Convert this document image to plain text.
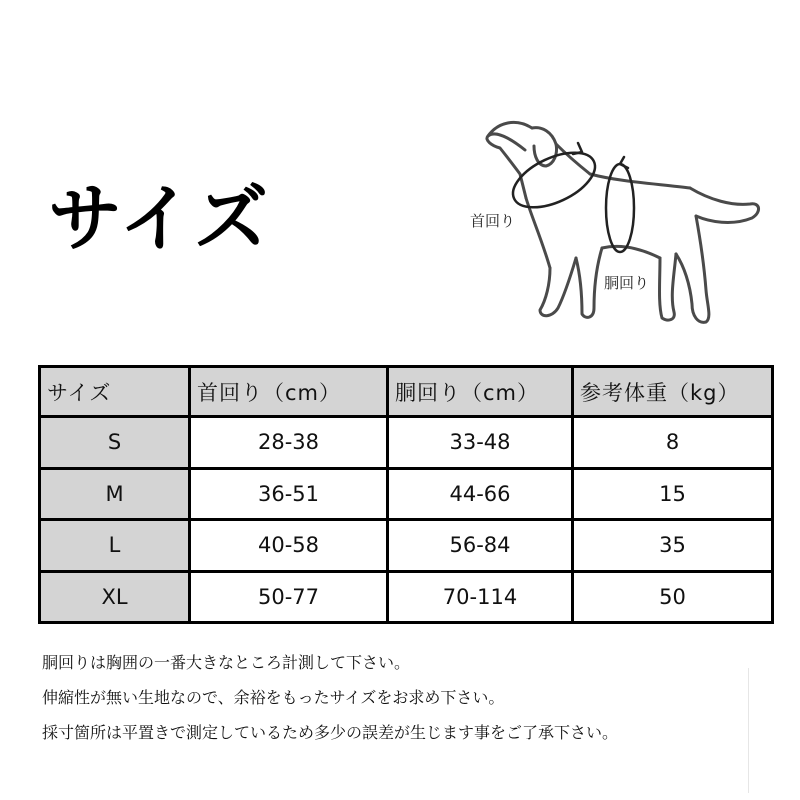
サイズ	首回り
胴回り
サイズ	首回り（cm）	胴回り（cm）	参考体重（kg）
S	28-38	33-48	8
M	36-51	44-66	15
L	40-58	56-84	35
XL	50-77	70-114	50
胴回りは胸囲の一番大きなところ計測して下さい。
伸縮性が無い生地なので、余裕をもったサイズをお求め下さい。
採寸箇所は平置きで測定しているため多少の誤差が生じます事をご了承下さい。
